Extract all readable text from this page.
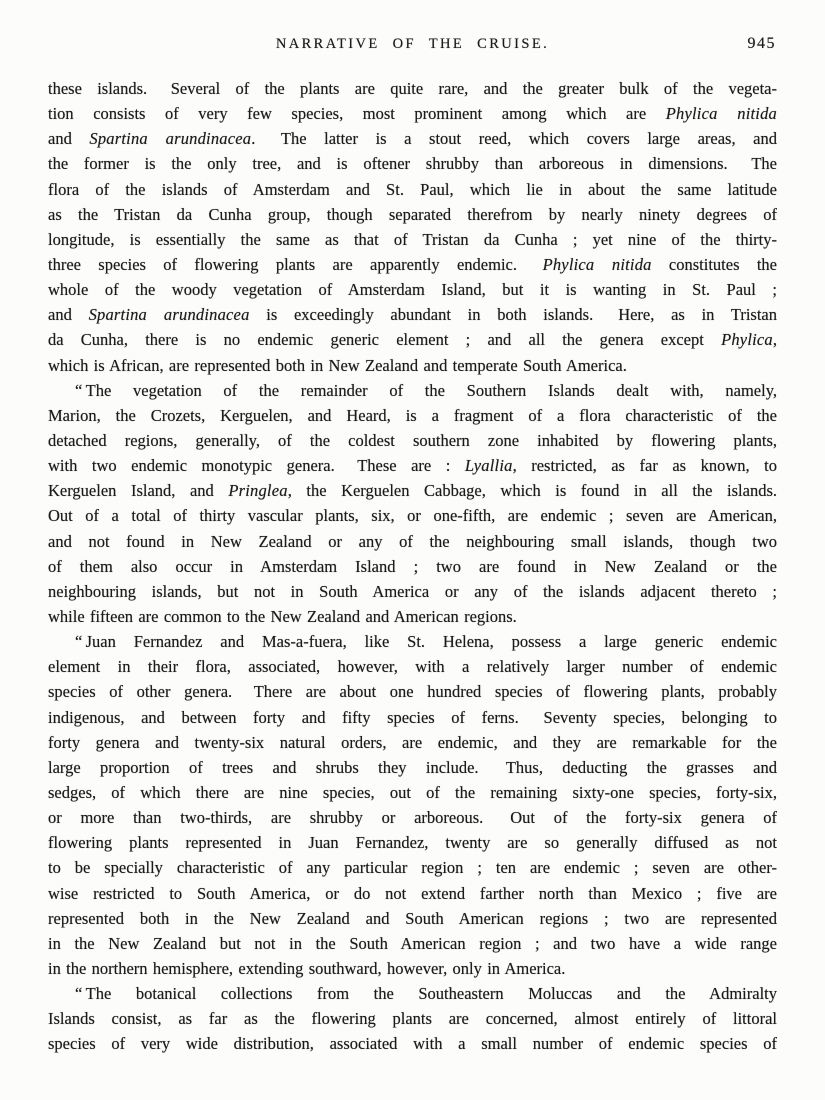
NARRATIVE OF THE CRUISE.	945
these islands.  Several of the plants are quite rare, and the greater bulk of the vegeta-
tion consists of very few species, most prominent among which are Phylica nitida
and Spartina arundinacea.  The latter is a stout reed, which covers large areas, and
the former is the only tree, and is oftener shrubby than arboreous in dimensions.  The
flora of the islands of Amsterdam and St. Paul, which lie in about the same latitude
as the Tristan da Cunha group, though separated therefrom by nearly ninety degrees of
longitude, is essentially the same as that of Tristan da Cunha ; yet nine of the thirty-
three species of flowering plants are apparently endemic.  Phylica nitida constitutes the
whole of the woody vegetation of Amsterdam Island, but it is wanting in St. Paul ;
and Spartina arundinacea is exceedingly abundant in both islands.  Here, as in Tristan
da Cunha, there is no endemic generic element ; and all the genera except Phylica,
which is African, are represented both in New Zealand and temperate South America.
“ The vegetation of the remainder of the Southern Islands dealt with, namely,
Marion, the Crozets, Kerguelen, and Heard, is a fragment of a flora characteristic of the
detached regions, generally, of the coldest southern zone inhabited by flowering plants,
with two endemic monotypic genera.  These are : Lyallia, restricted, as far as known, to
Kerguelen Island, and Pringlea, the Kerguelen Cabbage, which is found in all the islands.
Out of a total of thirty vascular plants, six, or one-fifth, are endemic ; seven are American,
and not found in New Zealand or any of the neighbouring small islands, though two
of them also occur in Amsterdam Island ; two are found in New Zealand or the
neighbouring islands, but not in South America or any of the islands adjacent thereto ;
while fifteen are common to the New Zealand and American regions.
“ Juan Fernandez and Mas-a-fuera, like St. Helena, possess a large generic endemic
element in their flora, associated, however, with a relatively larger number of endemic
species of other genera.  There are about one hundred species of flowering plants, probably
indigenous, and between forty and fifty species of ferns.  Seventy species, belonging to
forty genera and twenty-six natural orders, are endemic, and they are remarkable for the
large proportion of trees and shrubs they include.  Thus, deducting the grasses and
sedges, of which there are nine species, out of the remaining sixty-one species, forty-six,
or more than two-thirds, are shrubby or arboreous.  Out of the forty-six genera of
flowering plants represented in Juan Fernandez, twenty are so generally diffused as not
to be specially characteristic of any particular region ; ten are endemic ; seven are other-
wise restricted to South America, or do not extend farther north than Mexico ; five are
represented both in the New Zealand and South American regions ; two are represented
in the New Zealand but not in the South American region ; and two have a wide range
in the northern hemisphere, extending southward, however, only in America.
“ The botanical collections from the Southeastern Moluccas and the Admiralty
Islands consist, as far as the flowering plants are concerned, almost entirely of littoral
species of very wide distribution, associated with a small number of endemic species of
